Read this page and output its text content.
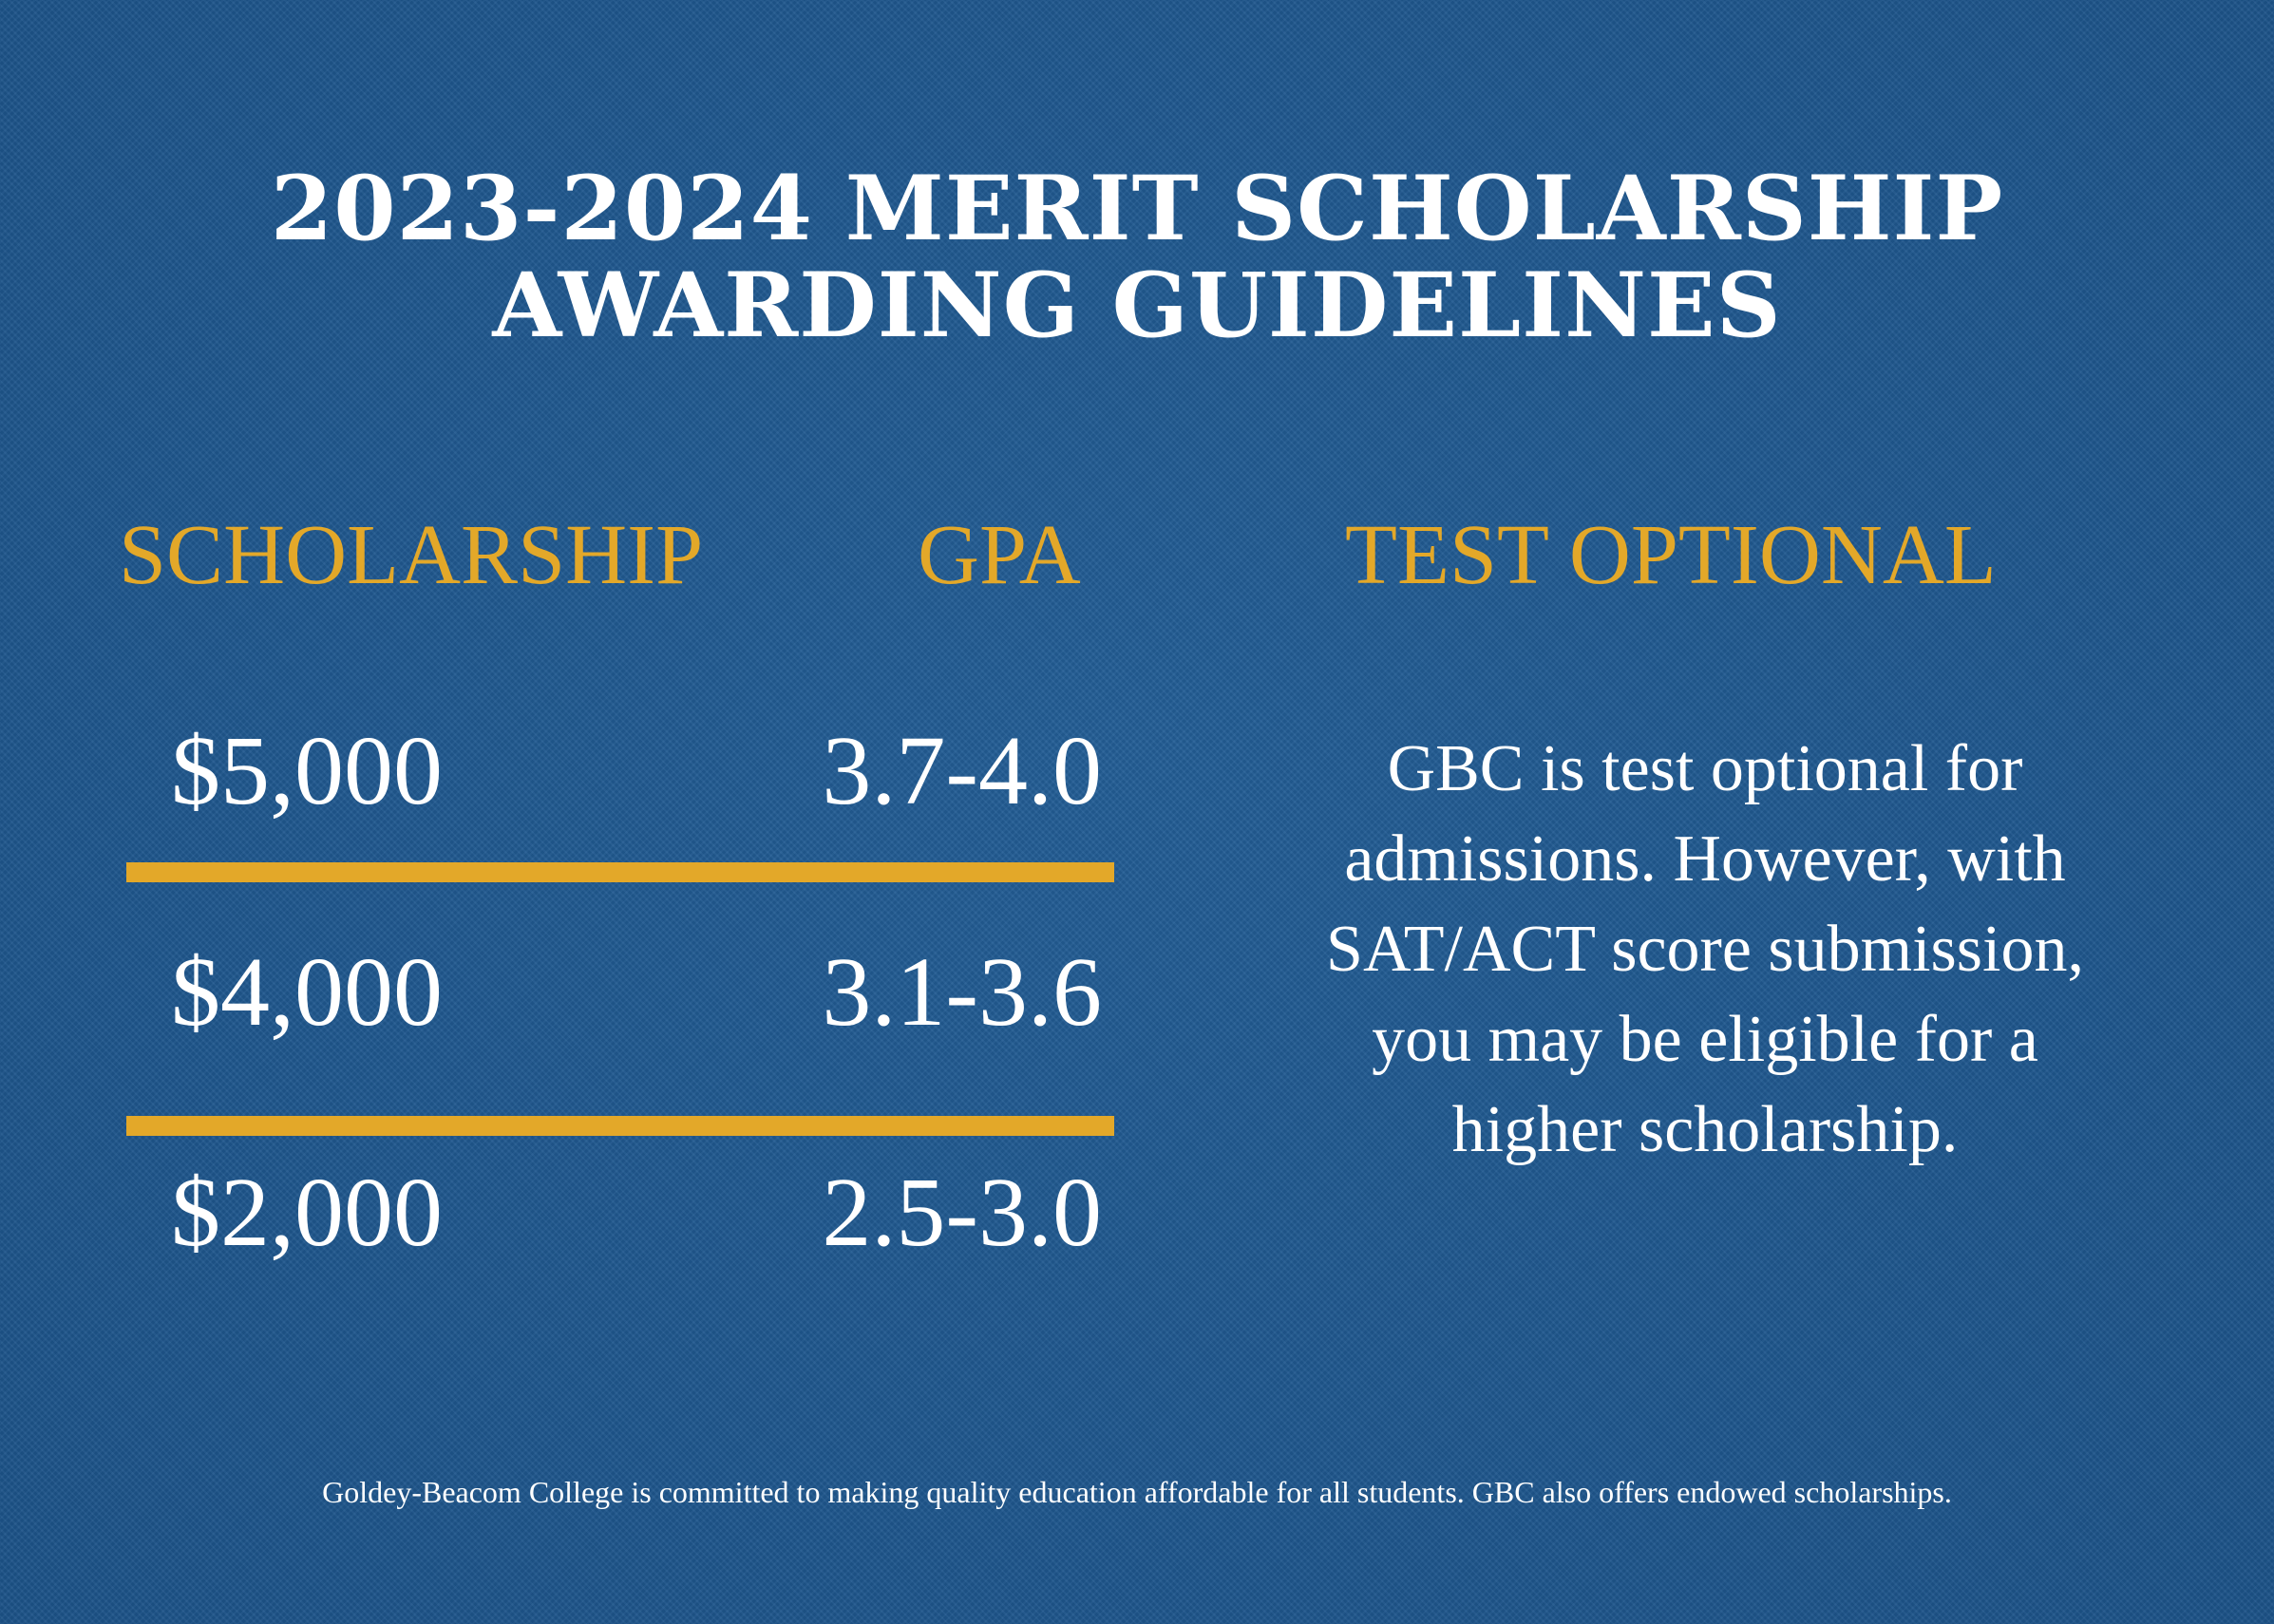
2023-2024 MERIT SCHOLARSHIP
AWARDING GUIDELINES
SCHOLARSHIP	GPA	TEST OPTIONAL
$5,000	3.7-4.0
$4,000	3.1-3.6
$2,000	2.5-3.0
GBC is test optional for admissions. However, with SAT/ACT score submission, you may be eligible for a higher scholarship.
Goldey-Beacom College is committed to making quality education affordable for all students. GBC also offers endowed scholarships.
